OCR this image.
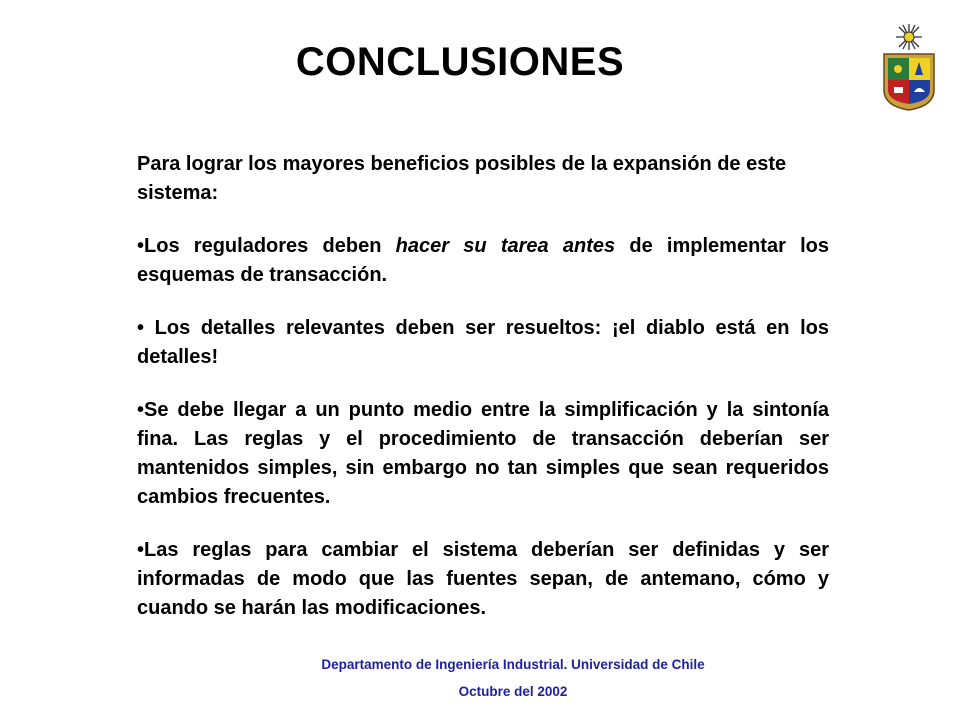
CONCLUSIONES

Para lograr los mayores beneficios posibles de la expansión de este sistema:

•Los reguladores deben hacer su tarea antes de implementar los esquemas de transacción.

• Los detalles relevantes deben ser resueltos: ¡el diablo está en los detalles!

•Se debe llegar a un punto medio entre la simplificación y la sintonía fina. Las reglas y el procedimiento de transacción deberían ser mantenidos simples, sin embargo no tan simples que sean requeridos cambios frecuentes.

•Las reglas para cambiar el sistema deberían ser definidas y ser informadas de modo que las fuentes sepan, de antemano, cómo y cuando se harán las modificaciones.

Departamento de Ingeniería Industrial. Universidad de Chile

Octubre del 2002
